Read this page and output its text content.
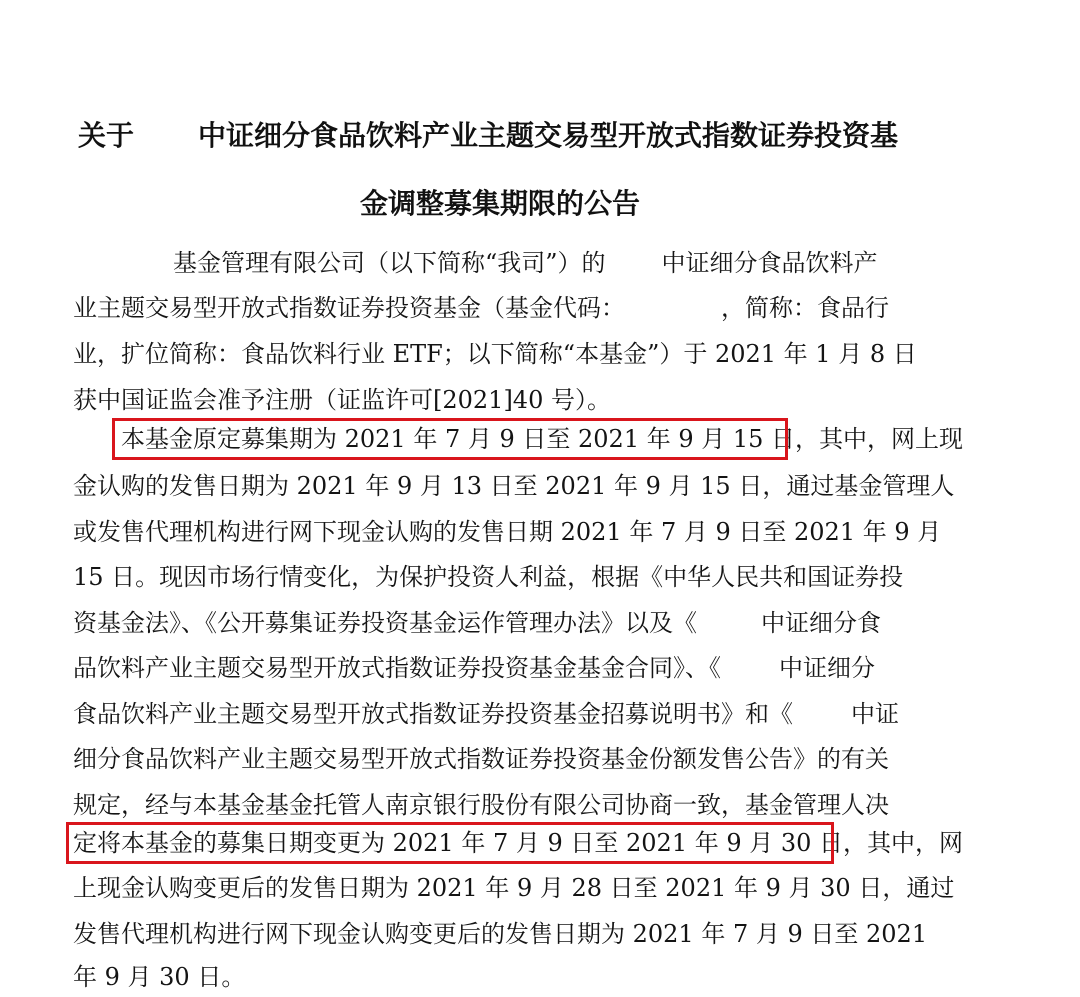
关于 中证细分食品饮料产业主题交易型开放式指数证券投资基
金调整募集期限的公告

基金管理有限公司（以下简称“我司”）的 中证细分食品饮料产

业主题交易型开放式指数证券投资基金（基金代码：	，简称：食品行

业，扩位简称：食品饮料行业 ETF；以下简称“本基金”）于 2021 年 1 月 8 日

获中国证监会准予注册（证监许可[2021]40 号）。

本基金原定募集期为 2021 年 7 月 9 日至 2021 年 9 月 15 日，其中，网上现

金认购的发售日期为 2021 年 9 月 13 日至 2021 年 9 月 15 日，通过基金管理人

或发售代理机构进行网下现金认购的发售日期 2021 年 7 月 9 日至 2021 年 9 月

15 日。现因市场行情变化，为保护投资人利益，根据《中华人民共和国证券投

资基金法》、《公开募集证券投资基金运作管理办法》以及《	中证细分食

品饮料产业主题交易型开放式指数证券投资基金基金合同》、《 中证细分

食品饮料产业主题交易型开放式指数证券投资基金招募说明书》和《 中证

细分食品饮料产业主题交易型开放式指数证券投资基金份额发售公告》的有关

规定，经与本基金基金托管人南京银行股份有限公司协商一致，基金管理人决

定将本基金的募集日期变更为 2021 年 7 月 9 日至 2021 年 9 月 30 日，其中，网

上现金认购变更后的发售日期为 2021 年 9 月 28 日至 2021 年 9 月 30 日，通过

发售代理机构进行网下现金认购变更后的发售日期为 2021 年 7 月 9 日至 2021

年 9 月 30 日。
